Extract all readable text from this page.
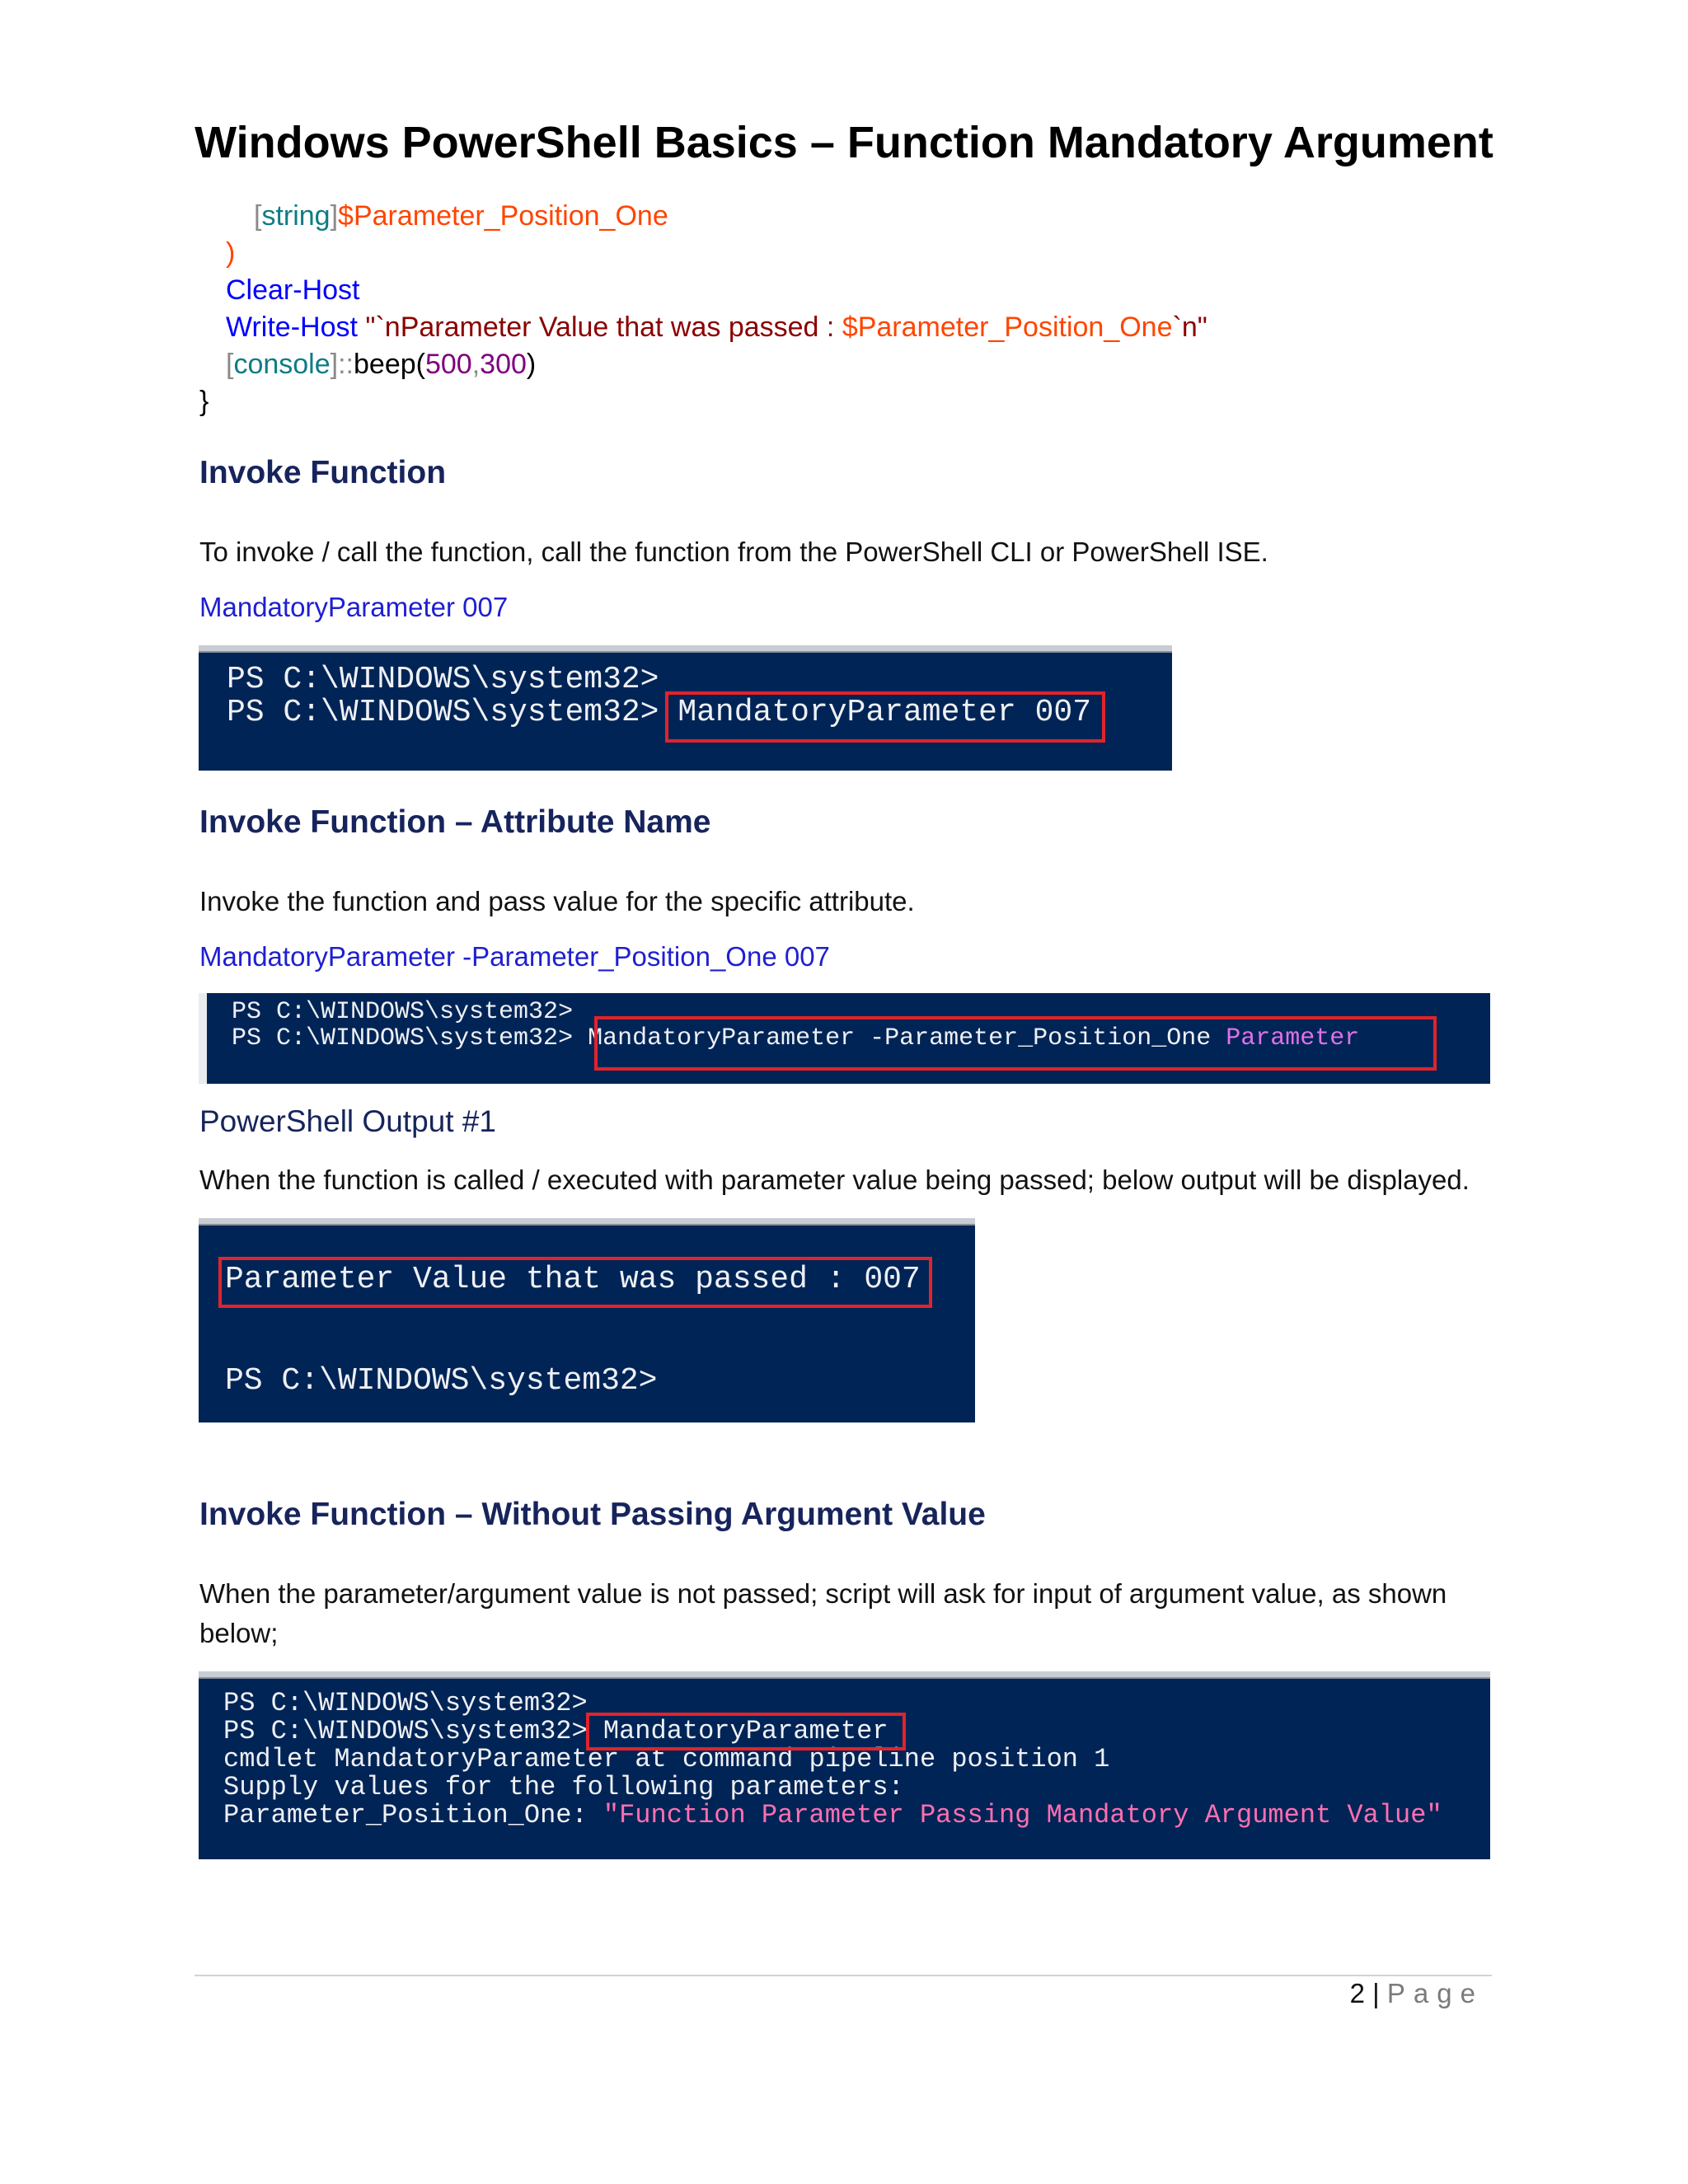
Windows PowerShell Basics – Function Mandatory Argument
[string]$Parameter_Position_One
)
Clear-Host
Write-Host "`nParameter Value that was passed : $Parameter_Position_One`n"
[console]::beep(500,300)
}
Invoke Function
To invoke / call the function, call the function from the PowerShell CLI or PowerShell ISE.
MandatoryParameter 007
PS C:\WINDOWS\system32>
PS C:\WINDOWS\system32> MandatoryParameter 007
Invoke Function – Attribute Name
Invoke the function and pass value for the specific attribute.
MandatoryParameter -Parameter_Position_One 007
PS C:\WINDOWS\system32>
PS C:\WINDOWS\system32> MandatoryParameter -Parameter_Position_One Parameter
PowerShell Output #1
When the function is called / executed with parameter value being passed; below output will be displayed.
Parameter Value that was passed : 007
PS C:\WINDOWS\system32>
Invoke Function – Without Passing Argument Value
When the parameter/argument value is not passed; script will ask for input of argument value, as shown
below;
PS C:\WINDOWS\system32>
PS C:\WINDOWS\system32> MandatoryParameter
cmdlet MandatoryParameter at command pipeline position 1
Supply values for the following parameters:
Parameter_Position_One: "Function Parameter Passing Mandatory Argument Value"
2 | Page
